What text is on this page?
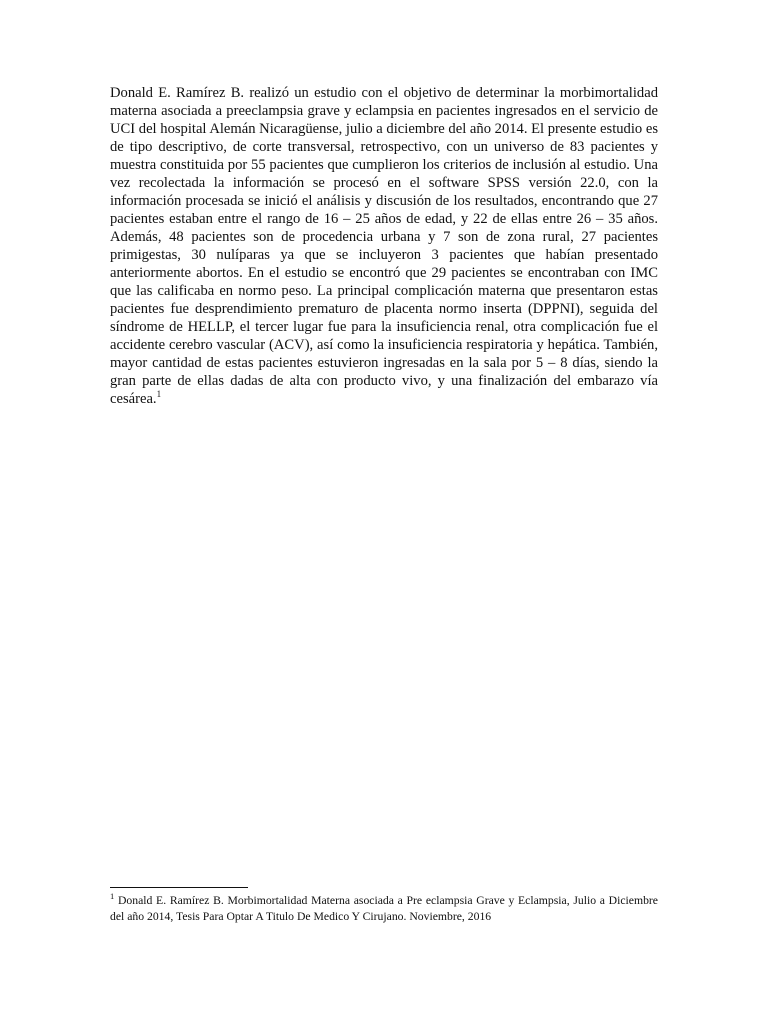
Donald E. Ramírez B. realizó un estudio con el objetivo de determinar la morbimortalidad materna asociada a preeclampsia grave y eclampsia en pacientes ingresados en el servicio de UCI del hospital Alemán Nicaragüense, julio a diciembre del año 2014. El presente estudio es de tipo descriptivo, de corte transversal, retrospectivo, con un universo de 83 pacientes y muestra constituida por 55 pacientes que cumplieron los criterios de inclusión al estudio. Una vez recolectada la información se procesó en el software SPSS versión 22.0, con la información procesada se inició el análisis y discusión de los resultados, encontrando que 27 pacientes estaban entre el rango de 16 – 25 años de edad, y 22 de ellas entre 26 – 35 años. Además, 48 pacientes son de procedencia urbana y 7 son de zona rural, 27 pacientes primigestas, 30 nulíparas ya que se incluyeron 3 pacientes que habían presentado anteriormente abortos. En el estudio se encontró que 29 pacientes se encontraban con IMC que las calificaba en normo peso. La principal complicación materna que presentaron estas pacientes fue desprendimiento prematuro de placenta normo inserta (DPPNI), seguida del síndrome de HELLP, el tercer lugar fue para la insuficiencia renal, otra complicación fue el accidente cerebro vascular (ACV), así como la insuficiencia respiratoria y hepática. También, mayor cantidad de estas pacientes estuvieron ingresadas en la sala por 5 – 8 días, siendo la gran parte de ellas dadas de alta con producto vivo, y una finalización del embarazo vía cesárea.$^1$

$^1$ Donald E. Ramírez B. Morbimortalidad Materna asociada a Pre eclampsia Grave y Eclampsia, Julio a Diciembre del año 2014, Tesis Para Optar A Titulo De Medico Y Cirujano. Noviembre, 2016
